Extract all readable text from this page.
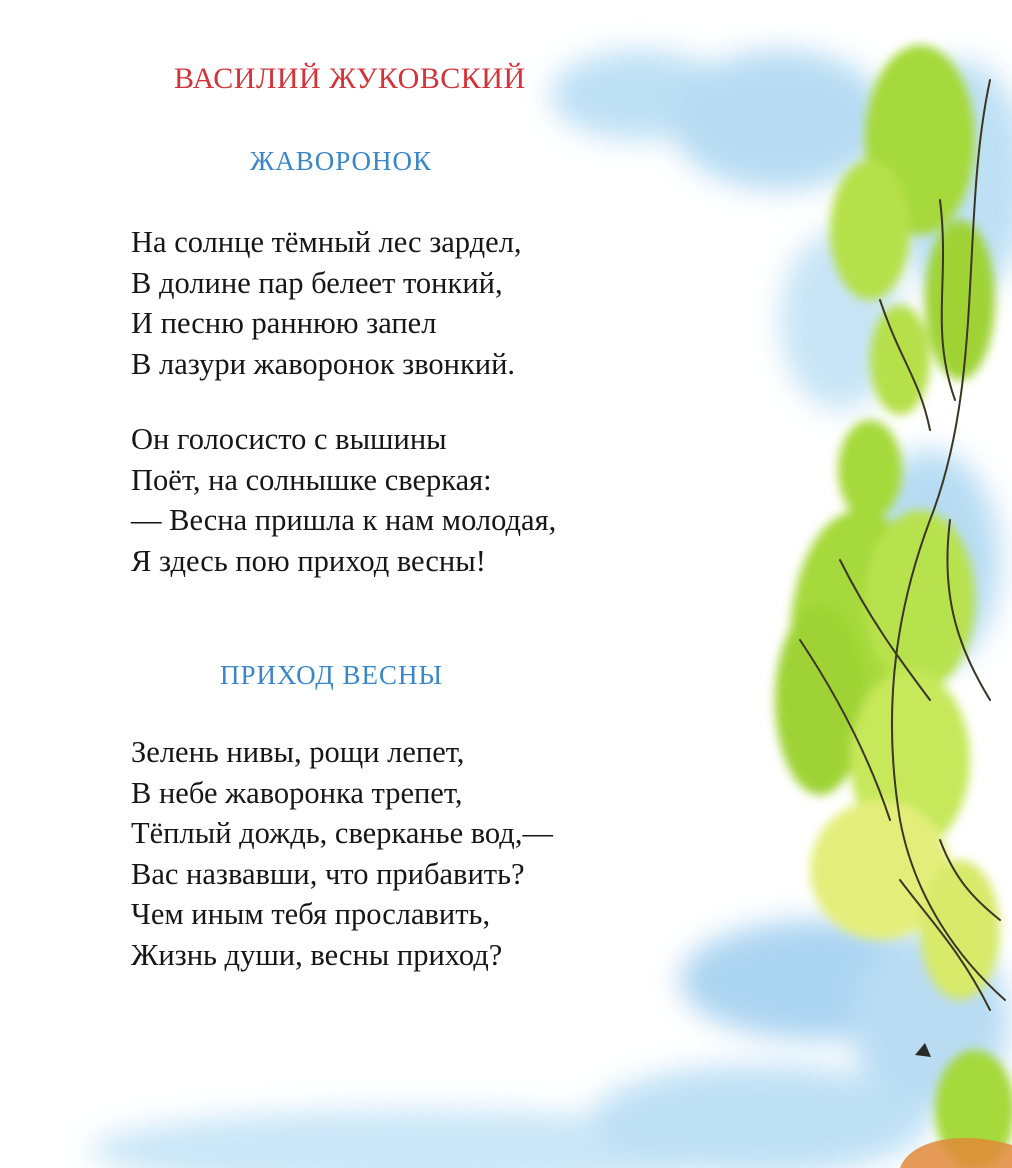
ВАСИЛИЙ ЖУКОВСКИЙ
ЖАВОРОНОК

На солнце тёмный лес зардел,
В долине пар белеет тонкий,
И песню раннюю запел
В лазури жаворонок звонкий.

Он голосисто с вышины
Поёт, на солнышке сверкая:
— Весна пришла к нам молодая,
Я здесь пою приход весны!

ПРИХОД ВЕСНЫ

Зелень нивы, рощи лепет,
В небе жаворонка трепет,
Тёплый дождь, сверканье вод,—
Вас назвавши, что прибавить?
Чем иным тебя прославить,
Жизнь души, весны приход?
